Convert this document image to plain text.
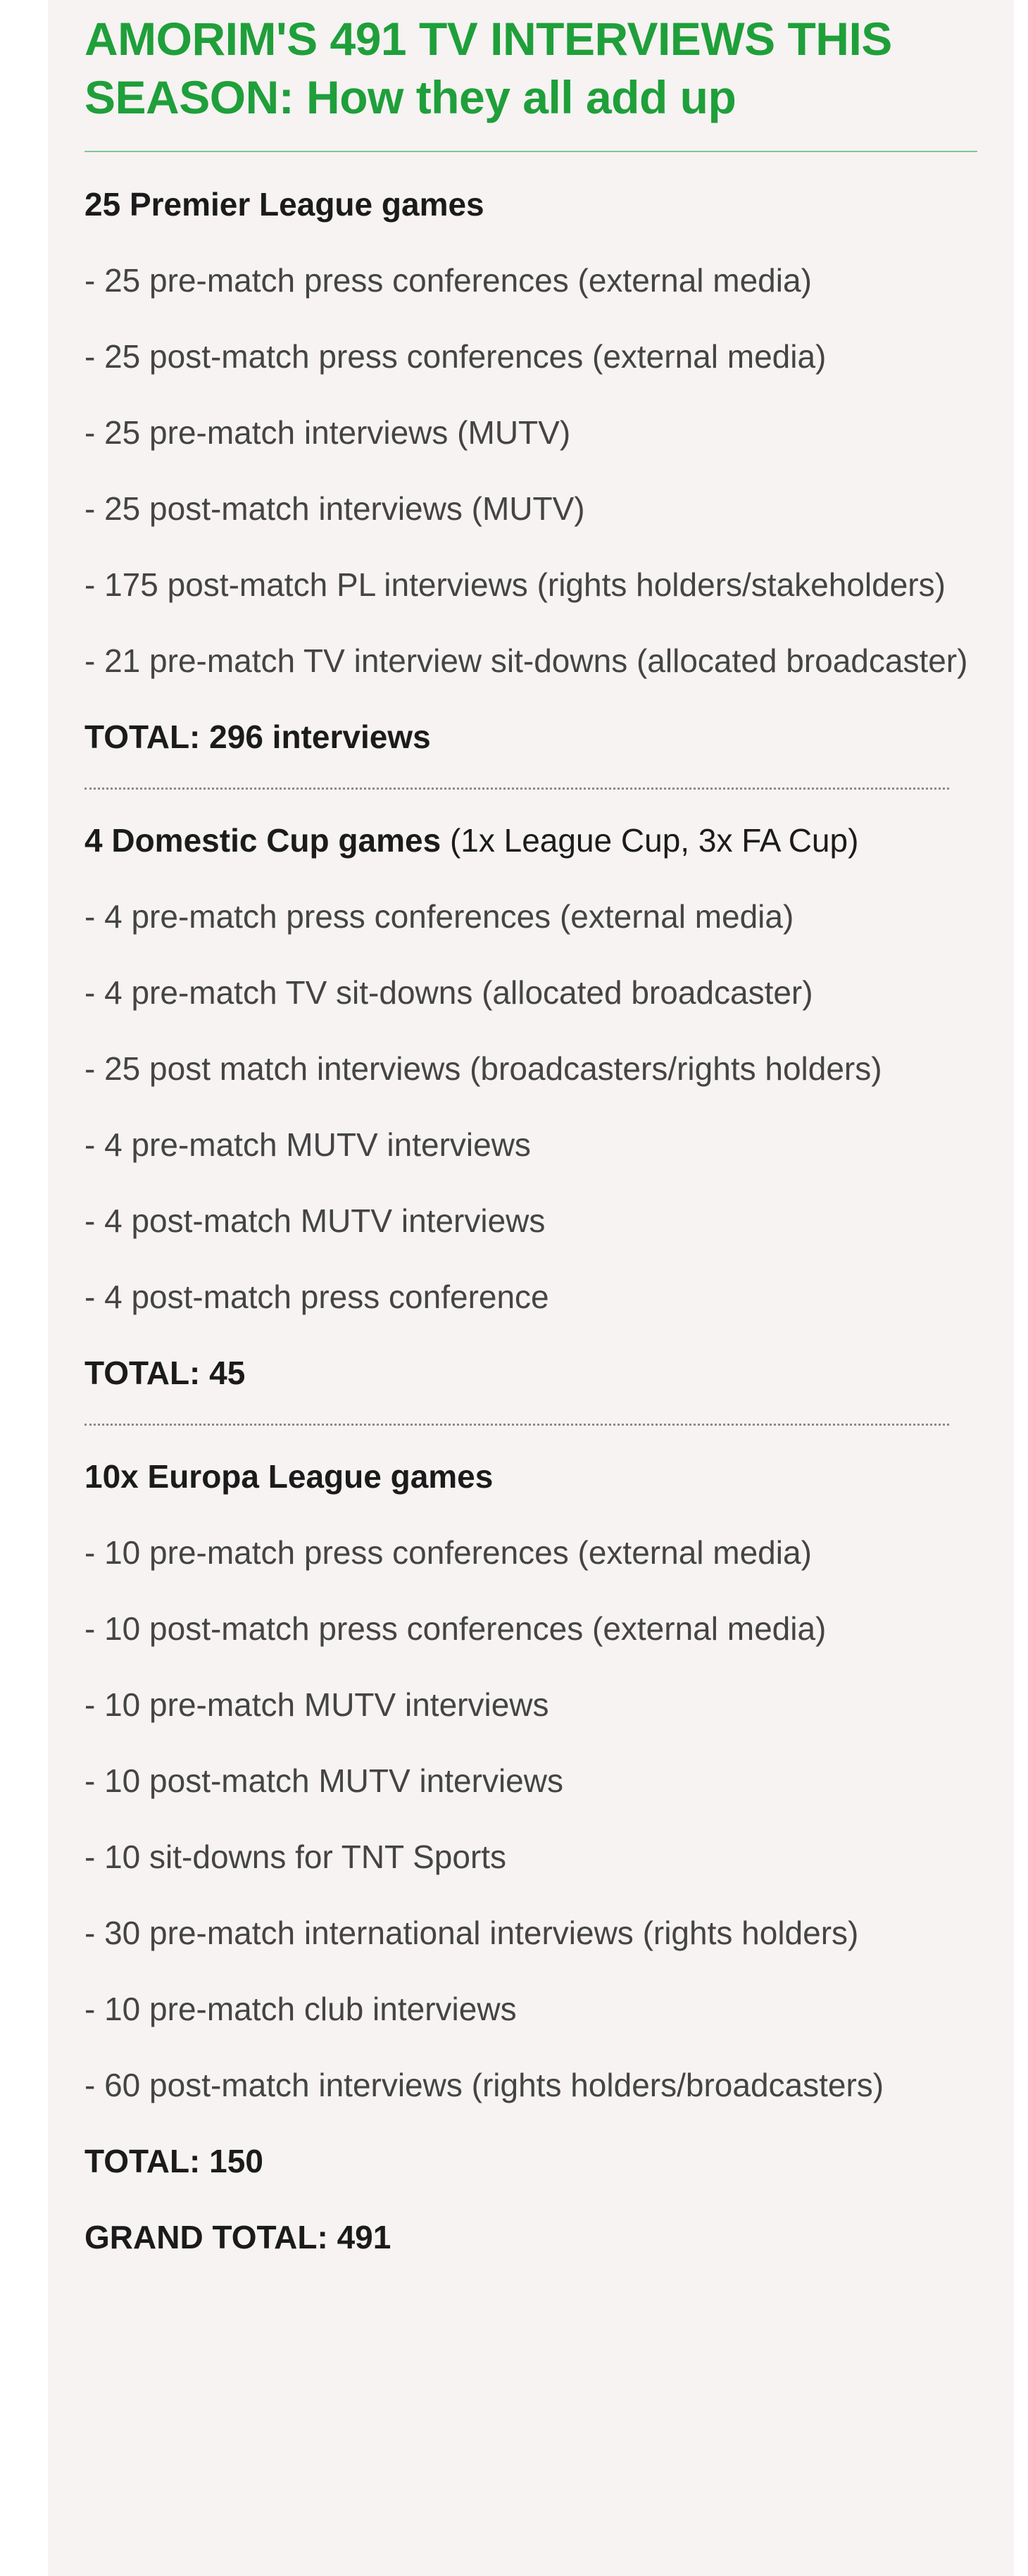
AMORIM'S 491 TV INTERVIEWS THIS SEASON: How they all add up
25 Premier League games
- 25 pre-match press conferences (external media)
- 25 post-match press conferences (external media)
- 25 pre-match interviews (MUTV)
- 25 post-match interviews (MUTV)
- 175 post-match PL interviews (rights holders/stakeholders)
- 21 pre-match TV interview sit-downs (allocated broadcaster)
TOTAL: 296 interviews
4 Domestic Cup games (1x League Cup, 3x FA Cup)
- 4 pre-match press conferences (external media)
- 4 pre-match TV sit-downs (allocated broadcaster)
- 25 post match interviews (broadcasters/rights holders)
- 4 pre-match MUTV interviews
- 4 post-match MUTV interviews
- 4 post-match press conference
TOTAL: 45
10x Europa League games
- 10 pre-match press conferences (external media)
- 10 post-match press conferences (external media)
- 10 pre-match MUTV interviews
- 10 post-match MUTV interviews
- 10 sit-downs for TNT Sports
- 30 pre-match international interviews (rights holders)
- 10 pre-match club interviews
- 60 post-match interviews (rights holders/broadcasters)
TOTAL: 150
GRAND TOTAL: 491
